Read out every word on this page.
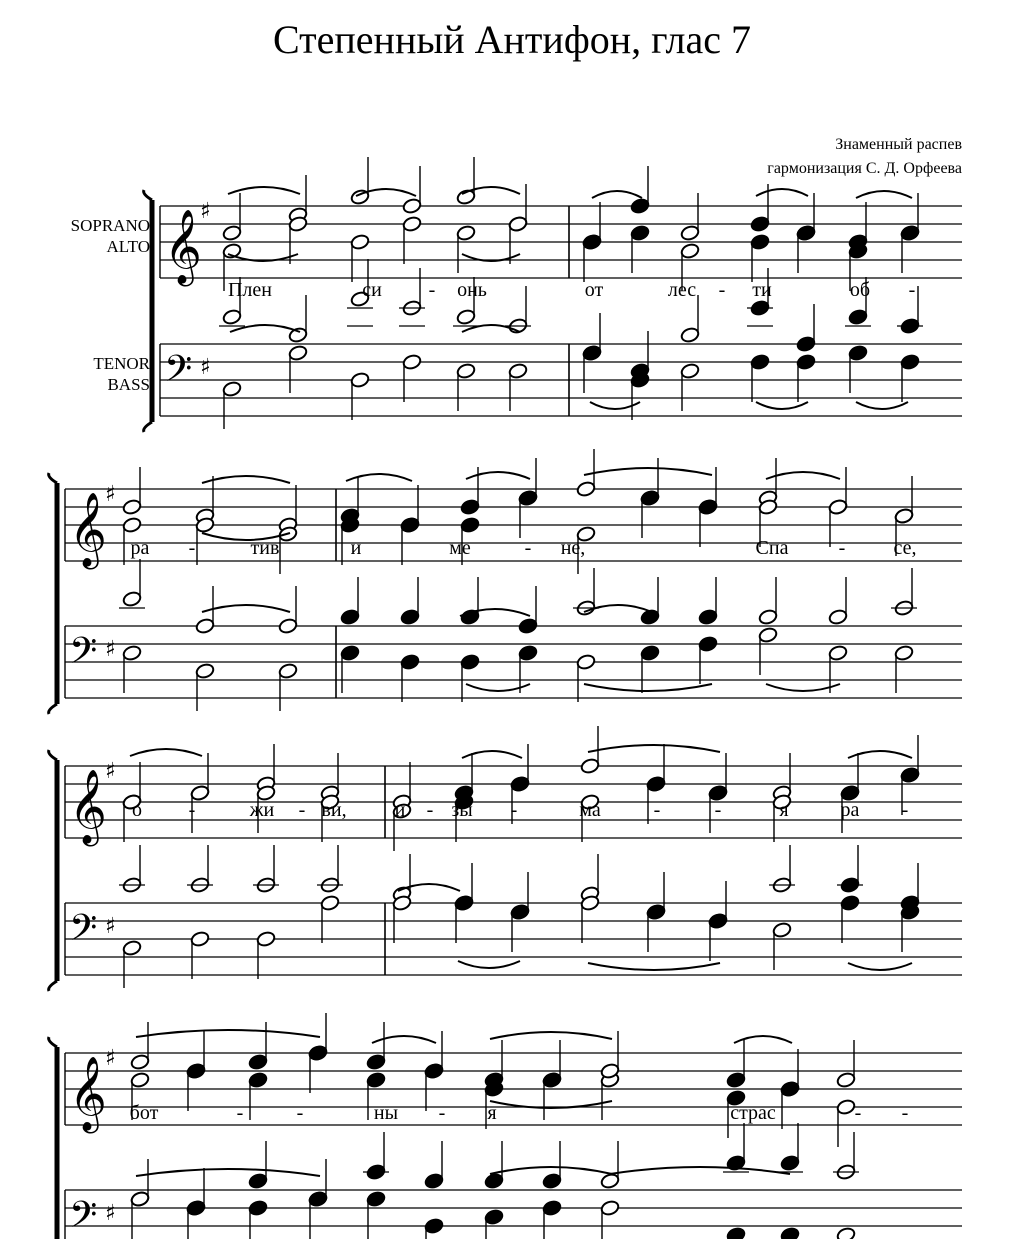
Степенный Антифон, глас 7
Знаменный распев
гармонизация С. Д. Орфеева
SOPRANO
ALTO
TENOR
BASS
𝄞
♯
𝄢 ♯
Плен	си - онь	от	лес - ти	об -
𝄞
♯
𝄢 ♯
ра -	тив	и	ме	- не,	Спа	- се,
𝄞
♯
𝄢 ♯
о -	жи - ви, и - зы -	ма	-	-	я	ра -
𝄞
♯
𝄢 ♯
бот	-	-	ны - я	страс	- -
